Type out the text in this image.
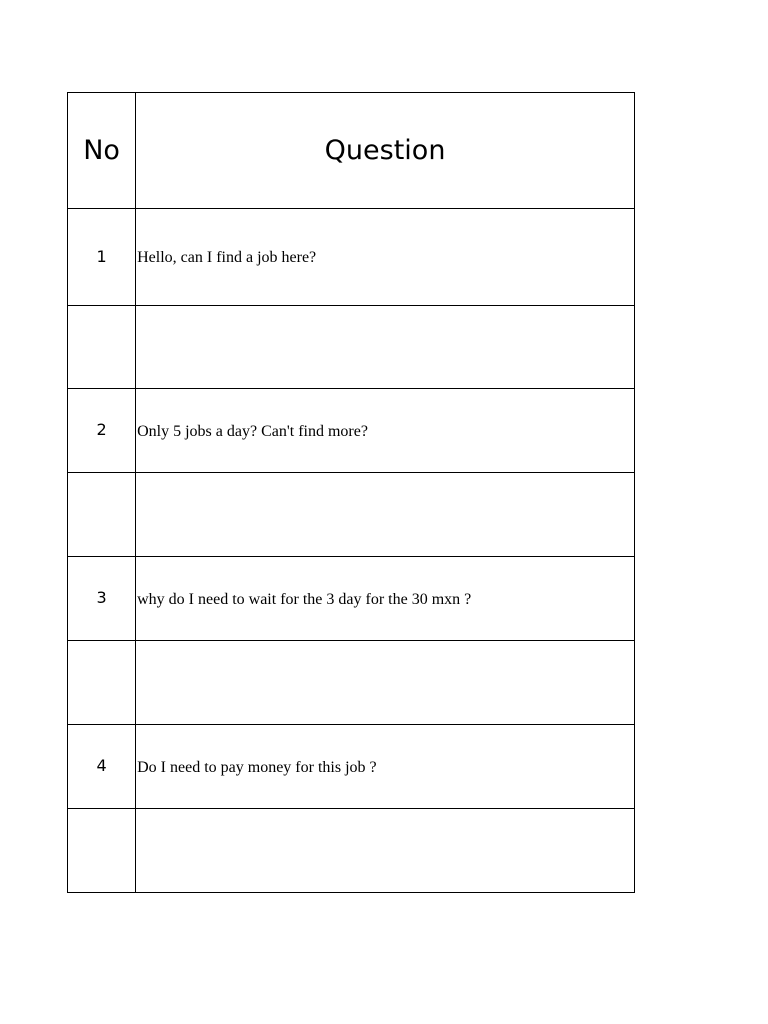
No	Question
1	Hello, can I find a job here?

2	Only 5 jobs a day? Can't find more?

3	why do I need to wait for the 3 day for the 30 mxn ?

4	Do I need to pay money for this job ?
